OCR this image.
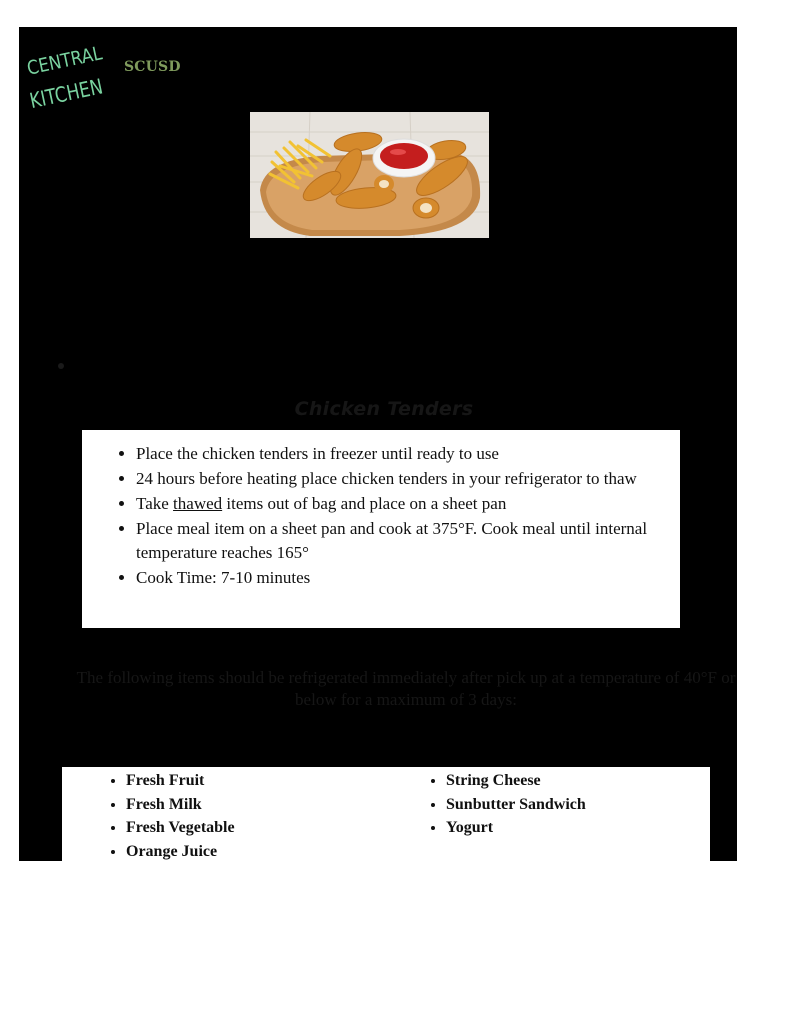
CENTRAL
KITCHEN
SCUSD
Chicken Tenders
• Place the chicken tenders in freezer until ready to use
• 24 hours before heating place chicken tenders in your refrigerator to thaw
• Take thawed items out of bag and place on a sheet pan
• Place meal item on a sheet pan and cook at 375°F. Cook meal until internal temperature reaches 165°
• Cook Time: 7-10 minutes
The following items should be refrigerated immediately after pick up at a temperature of 40°F or below for a maximum of 3 days:
• Fresh Fruit
• Fresh Milk
• Fresh Vegetable
• Orange Juice
• String Cheese
• Sunbutter Sandwich
• Yogurt
